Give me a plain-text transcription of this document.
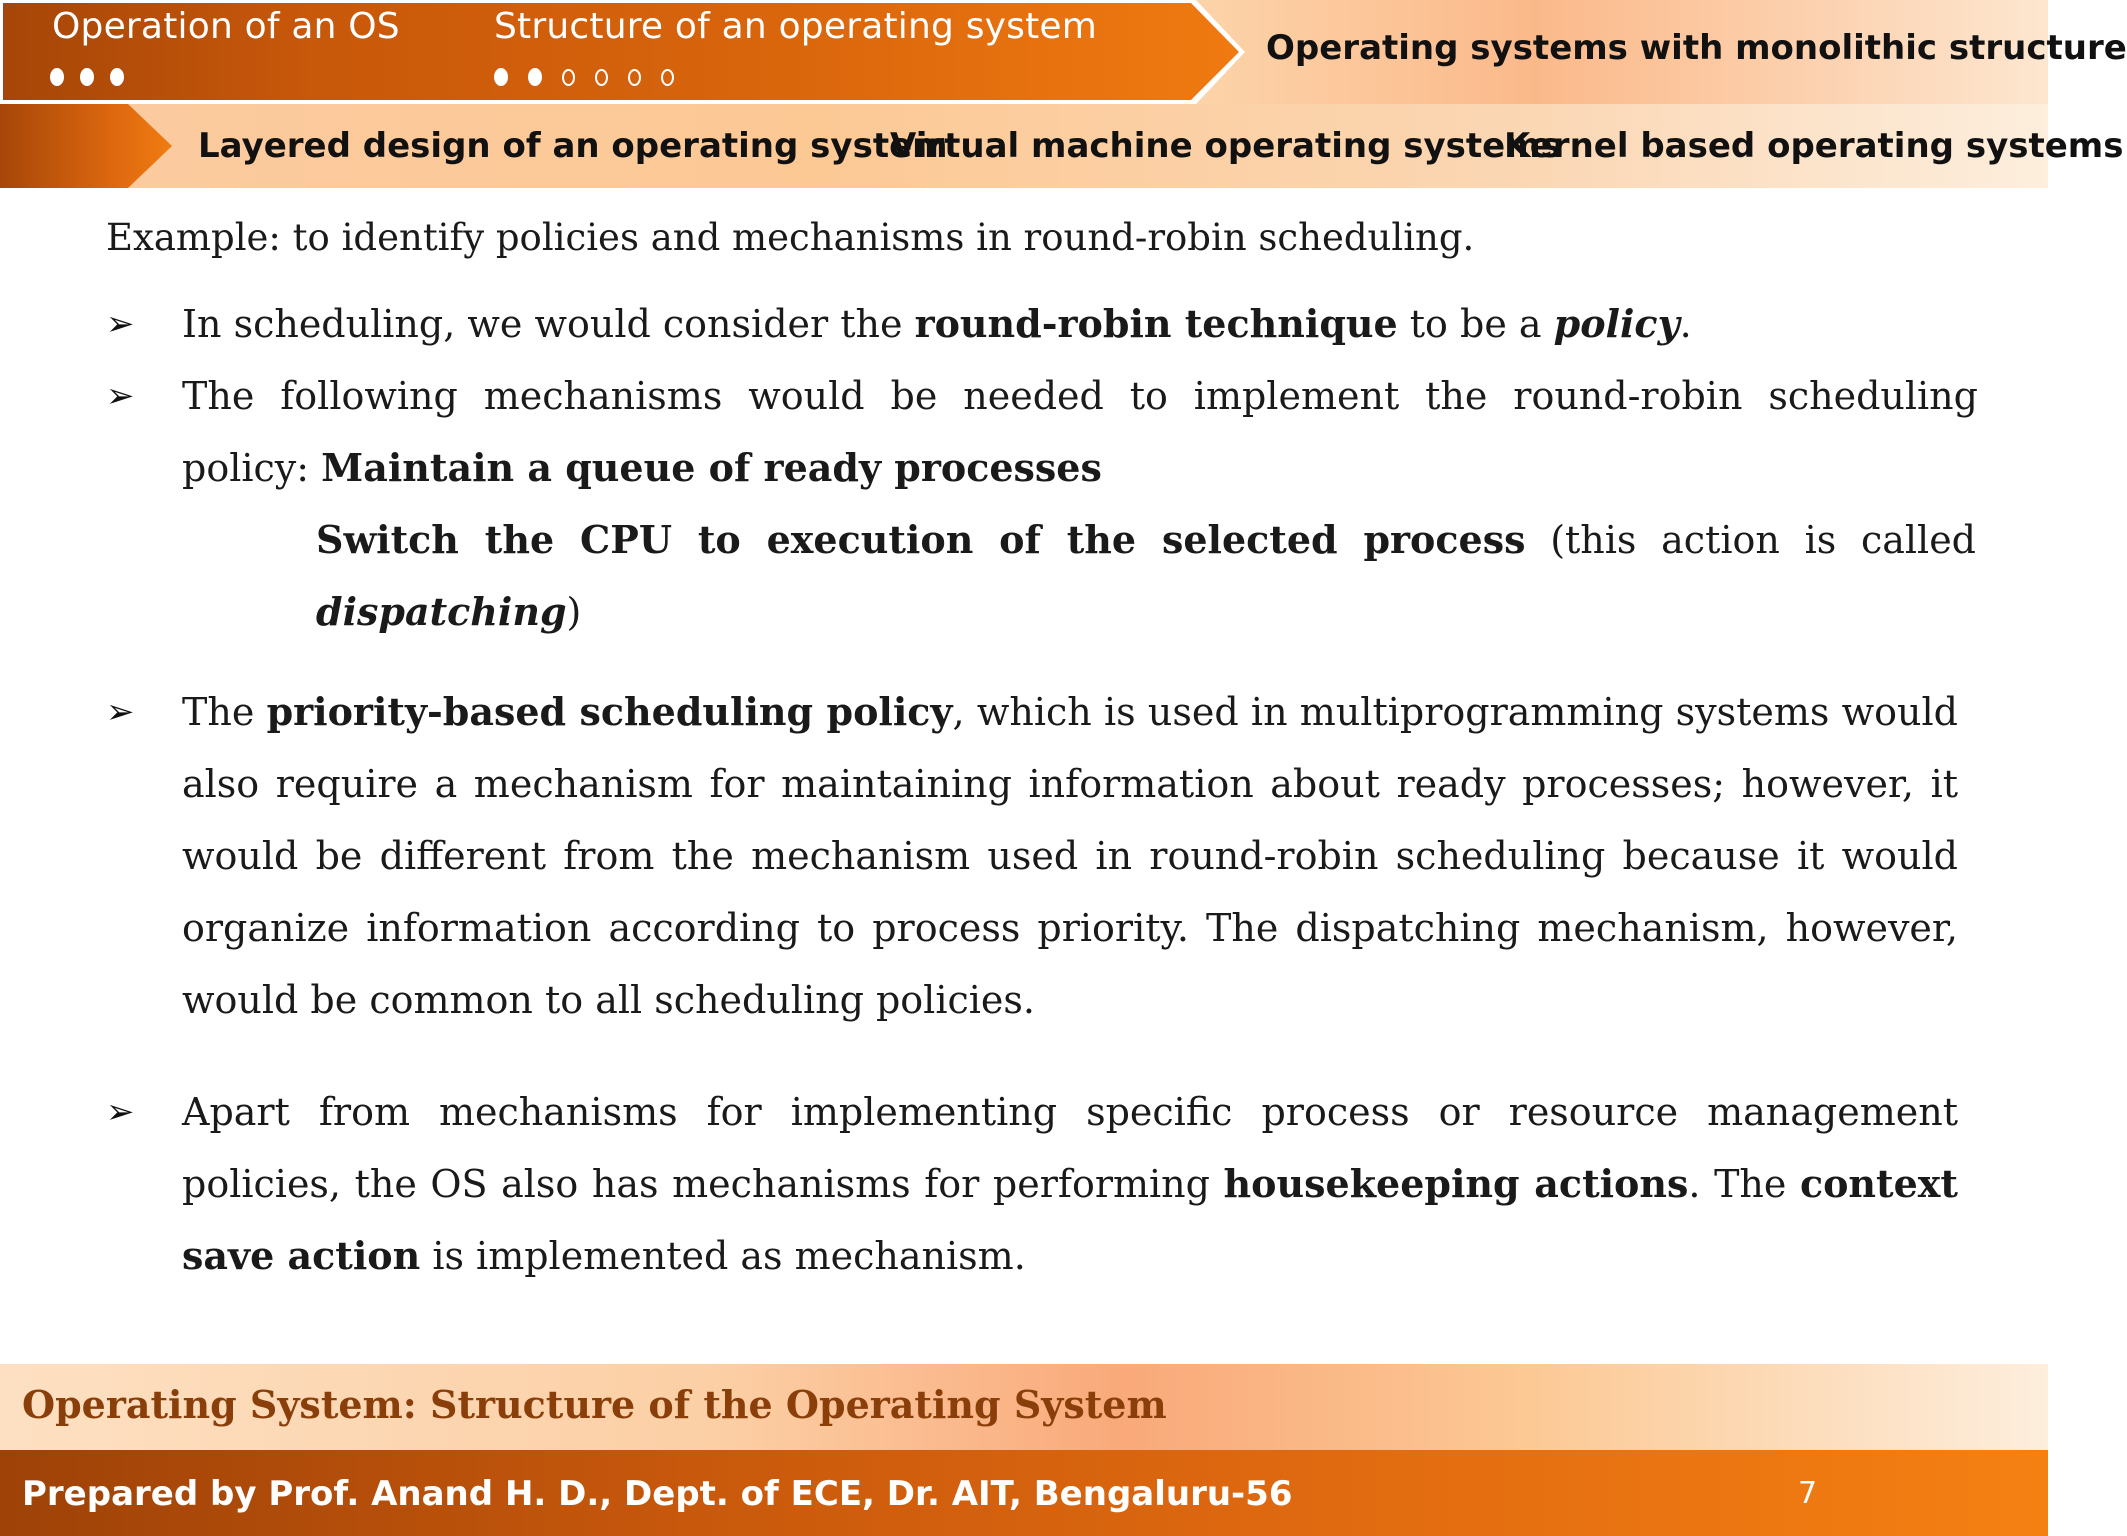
Operation of an OS	Structure of an operating system
Operating systems with monolithic structure
Layered design of an operating system
Virtual machine operating systems
Kernel based operating systems
Example: to identify policies and mechanisms in round-robin scheduling.
➢ In scheduling, we would consider the round-robin technique to be a policy.
➢ The following mechanisms would be needed to implement the round-robin scheduling
policy: Maintain a queue of ready processes
Switch the CPU to execution of the selected process (this action is called
dispatching)
➢ The priority-based scheduling policy, which is used in multiprogramming systems would
also require a mechanism for maintaining information about ready processes; however, it
would be different from the mechanism used in round-robin scheduling because it would
organize information according to process priority. The dispatching mechanism, however,
would be common to all scheduling policies.
➢ Apart from mechanisms for implementing specific process or resource management
policies, the OS also has mechanisms for performing housekeeping actions. The context
save action is implemented as mechanism.
Operating System: Structure of the Operating System
Prepared by Prof. Anand H. D., Dept. of ECE, Dr. AIT, Bengaluru-56	7
